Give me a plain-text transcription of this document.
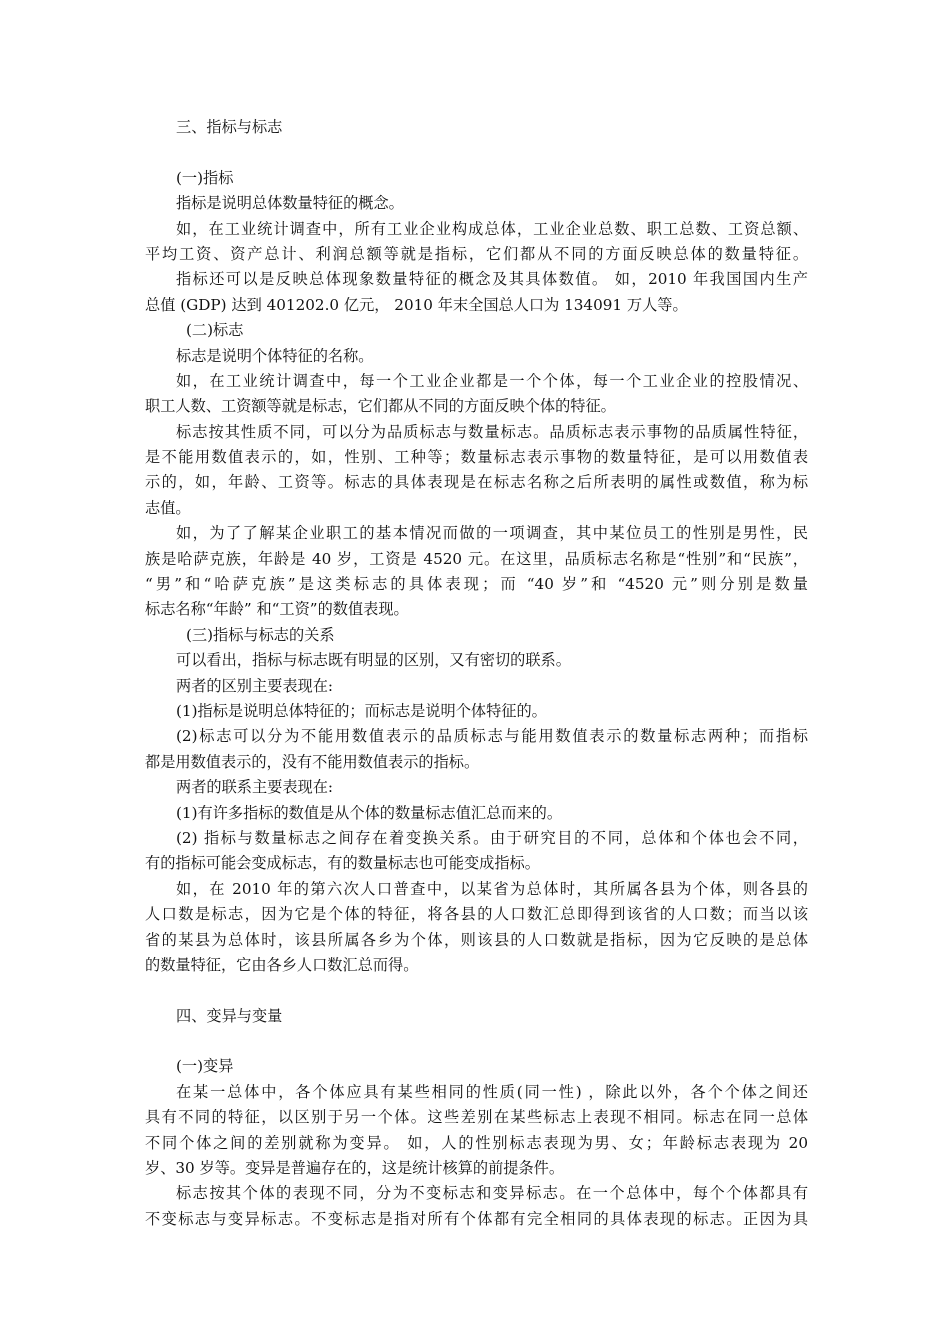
三、指标与标志
(一)指标
指标是说明总体数量特征的概念。
如，在工业统计调查中，所有工业企业构成总体，工业企业总数、职工总数、工资总额、
平均工资、资产总计、利润总额等就是指标，它们都从不同的方面反映总体的数量特征。
指标还可以是反映总体现象数量特征的概念及其具体数值。 如，2010 年我国国内生产
总值 (GDP) 达到 401202.0 亿元， 2010 年末全国总人口为 134091 万人等。
(二)标志
标志是说明个体特征的名称。
如，在工业统计调查中，每一个工业企业都是一个个体，每一个工业企业的控股情况、
职工人数、工资额等就是标志，它们都从不同的方面反映个体的特征。
标志按其性质不同，可以分为品质标志与数量标志。品质标志表示事物的品质属性特征，
是不能用数值表示的，如，性别、工种等；数量标志表示事物的数量特征，是可以用数值表
示的，如，年龄、工资等。标志的具体表现是在标志名称之后所表明的属性或数值，称为标
志值。
如，为了了解某企业职工的基本情况而做的一项调查，其中某位员工的性别是男性，民
族是哈萨克族，年龄是 40 岁，工资是 4520 元。在这里，品质标志名称是“性别”和“民族”，
“男”和“哈萨克族”是这类标志的具体表现；而 “40 岁”和 “4520 元”则分别是数量
标志名称“年龄” 和“工资”的数值表现。
(三)指标与标志的关系
可以看出，指标与标志既有明显的区别，又有密切的联系。
两者的区别主要表现在:
(1)指标是说明总体特征的；而标志是说明个体特征的。
(2)标志可以分为不能用数值表示的品质标志与能用数值表示的数量标志两种；而指标
都是用数值表示的，没有不能用数值表示的指标。
两者的联系主要表现在:
(1)有许多指标的数值是从个体的数量标志值汇总而来的。
(2) 指标与数量标志之间存在着变换关系。由于研究目的不同，总体和个体也会不同，
有的指标可能会变成标志，有的数量标志也可能变成指标。
如，在 2010 年的第六次人口普查中，以某省为总体时，其所属各县为个体，则各县的
人口数是标志，因为它是个体的特征，将各县的人口数汇总即得到该省的人口数；而当以该
省的某县为总体时，该县所属各乡为个体，则该县的人口数就是指标，因为它反映的是总体
的数量特征，它由各乡人口数汇总而得。
四、变异与变量
(一)变异
在某一总体中，各个体应具有某些相同的性质(同一性) ，除此以外，各个个体之间还
具有不同的特征，以区别于另一个体。这些差别在某些标志上表现不相同。标志在同一总体
不同个体之间的差别就称为变异。 如，人的性别标志表现为男、女；年龄标志表现为 20
岁、30 岁等。变异是普遍存在的，这是统计核算的前提条件。
标志按其个体的表现不同，分为不变标志和变异标志。在一个总体中，每个个体都具有
不变标志与变异标志。不变标志是指对所有个体都有完全相同的具体表现的标志。正因为具
